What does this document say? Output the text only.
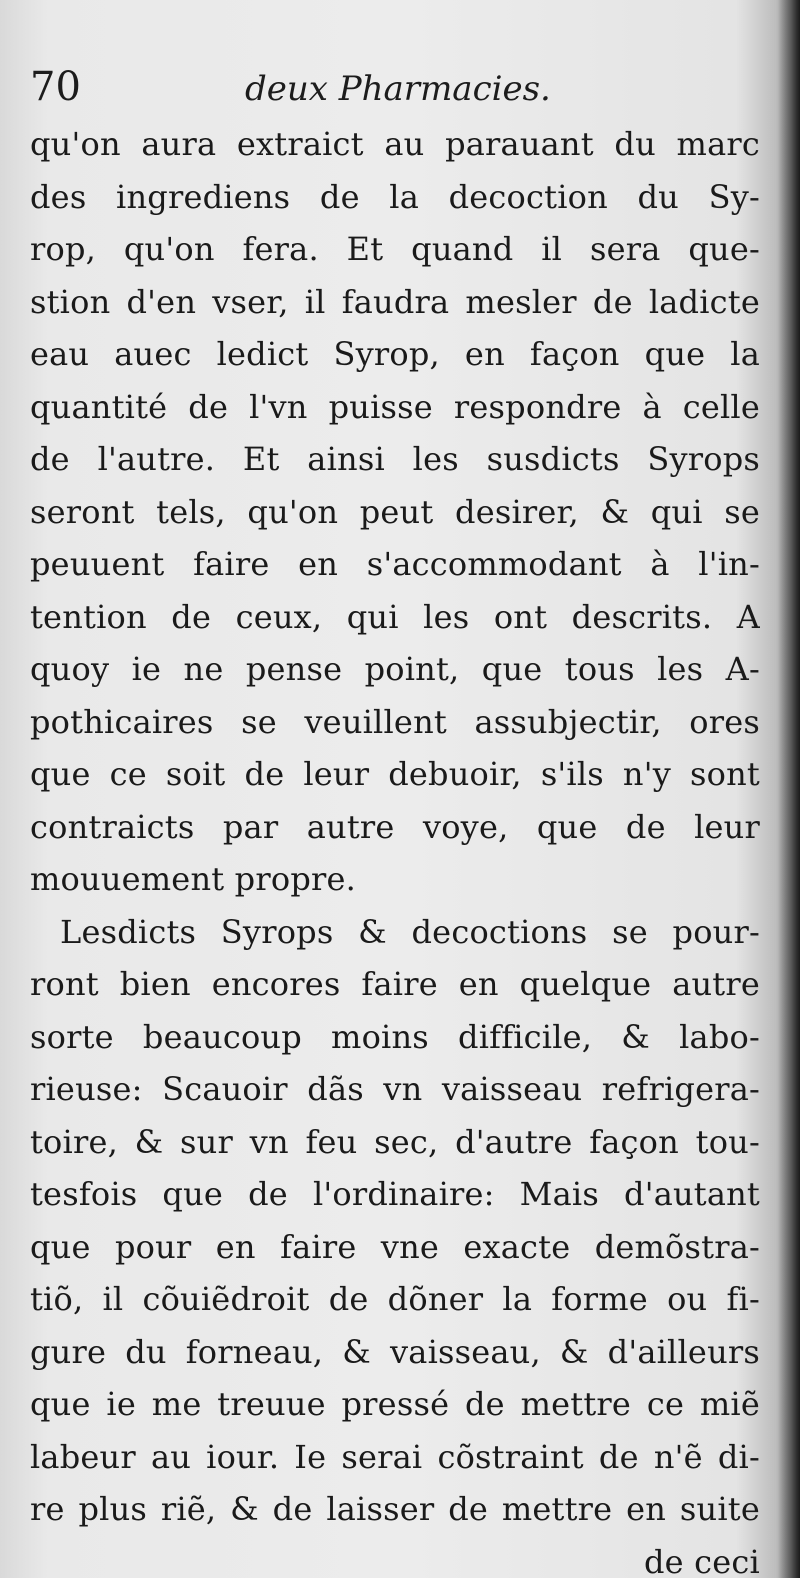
70	deux Pharmacies.
qu'on aura extraict au parauant du marc
des ingrediens de la decoction du Sy-
rop, qu'on fera. Et quand il sera que-
stion d'en vser, il faudra mesler de ladicte
eau auec ledict Syrop, en façon que la
quantité de l'vn puisse respondre à celle
de l'autre. Et ainsi les susdicts Syrops
seront tels, qu'on peut desirer, & qui se
peuuent faire en s'accommodant à l'in-
tention de ceux, qui les ont descrits. A
quoy ie ne pense point, que tous les A-
pothicaires se veuillent assubjectir, ores
que ce soit de leur debuoir, s'ils n'y sont
contraicts par autre voye, que de leur
mouuement propre.
Lesdicts Syrops & decoctions se pour-
ront bien encores faire en quelque autre
sorte beaucoup moins difficile, & labo-
rieuse: Scauoir dãs vn vaisseau refrigera-
toire, & sur vn feu sec, d'autre façon tou-
tesfois que de l'ordinaire: Mais d'autant
que pour en faire vne exacte demõstra-
tiõ, il cõuiẽdroit de dõner la forme ou fi-
gure du forneau, & vaisseau, & d'ailleurs
que ie me treuue pressé de mettre ce miẽ
labeur au iour. Ie serai cõstraint de n'ẽ di-
re plus riẽ, & de laisser de mettre en suite
de ceci
